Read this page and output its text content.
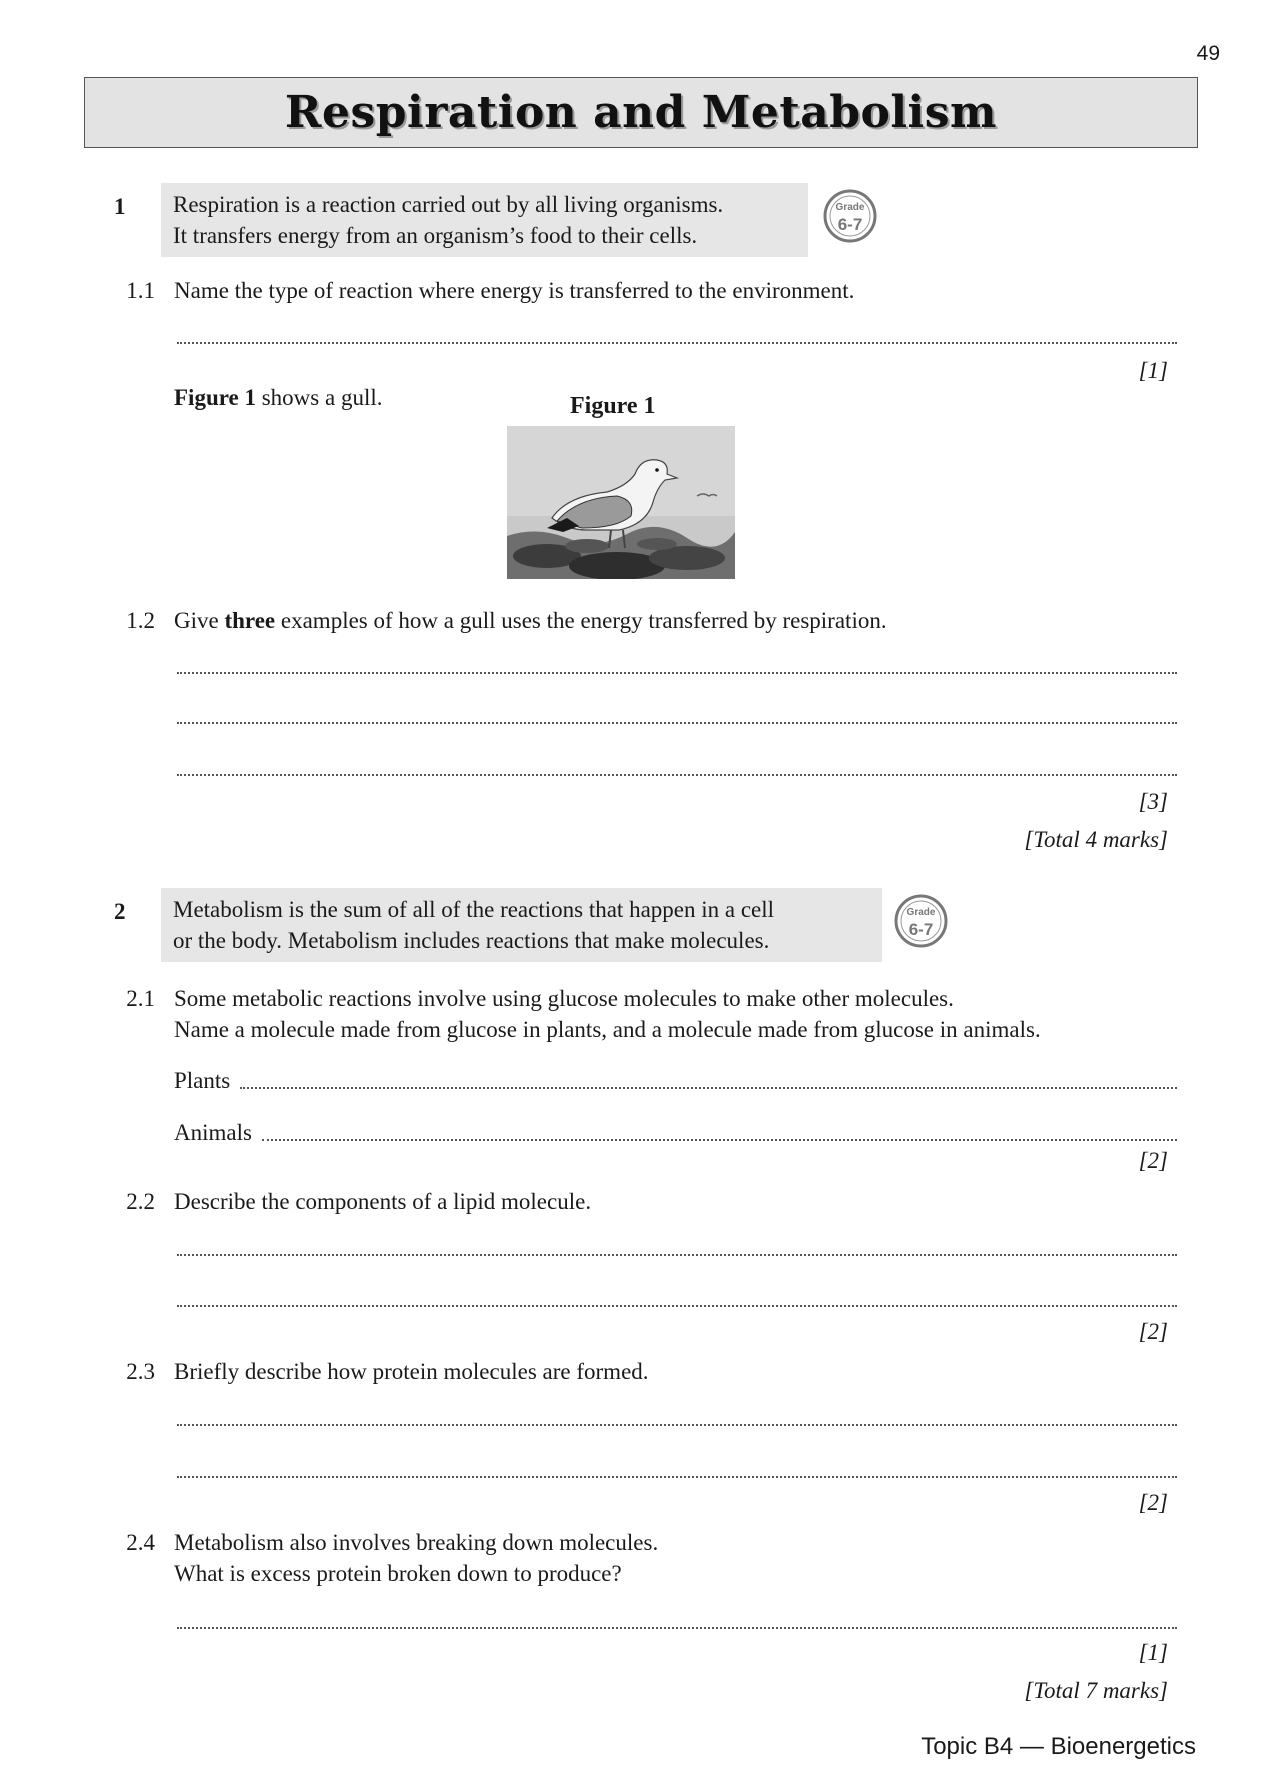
49
Respiration and Metabolism
1 Respiration is a reaction carried out by all living organisms.
It transfers energy from an organism’s food to their cells.
Grade
6-7
1.1 Name the type of reaction where energy is transferred to the environment.
[1]
Figure 1 shows a gull.	Figure 1
1.2 Give three examples of how a gull uses the energy transferred by respiration.
[3]
[Total 4 marks]
2 Metabolism is the sum of all of the reactions that happen in a cell
or the body. Metabolism includes reactions that make molecules.
Grade
6-7
2.1 Some metabolic reactions involve using glucose molecules to make other molecules.
Name a molecule made from glucose in plants, and a molecule made from glucose in animals.
Plants
Animals
[2]
2.2 Describe the components of a lipid molecule.
[2]
2.3 Briefly describe how protein molecules are formed.
[2]
2.4 Metabolism also involves breaking down molecules.
What is excess protein broken down to produce?
[1]
[Total 7 marks]
Topic B4 — Bioenergetics
